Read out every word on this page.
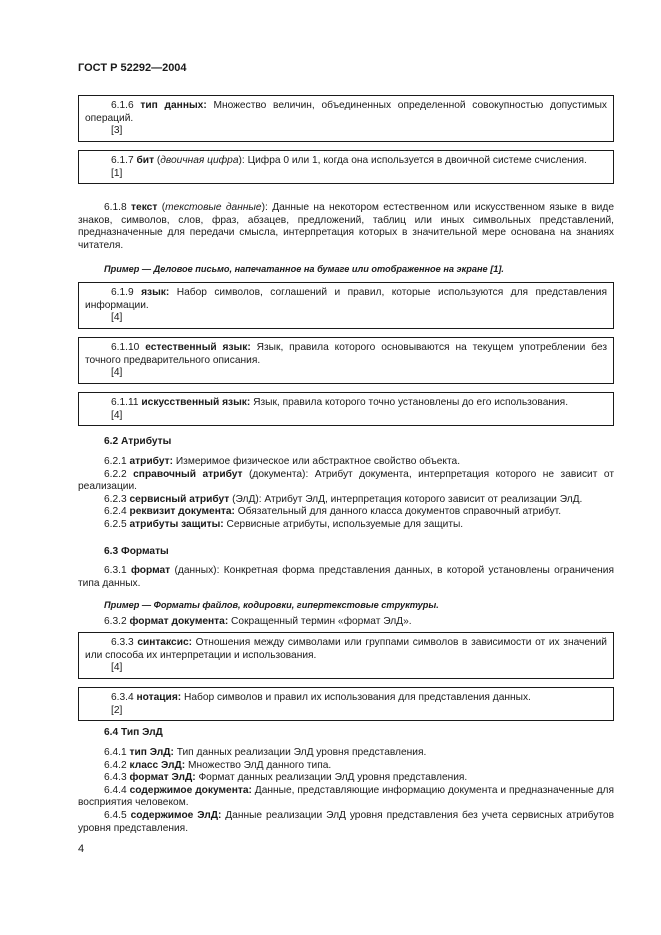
ГОСТ Р 52292—2004

6.1.6 тип данных: Множество величин, объединенных определенной совокупностью допустимых операций.

[3]

6.1.7 бит (двоичная цифра): Цифра 0 или 1, когда она используется в двоичной системе счисления.

[1]

6.1.8 текст (текстовые данные): Данные на некотором естественном или искусственном языке в виде знаков, символов, слов, фраз, абзацев, предложений, таблиц или иных символьных представлений, предназначенные для передачи смысла, интерпретация которых в значительной мере основана на знаниях читателя.

Пример — Деловое письмо, напечатанное на бумаге или отображенное на экране [1].

6.1.9 язык: Набор символов, соглашений и правил, которые используются для представления информации.

[4]

6.1.10 естественный язык: Язык, правила которого основываются на текущем употреблении без точного предварительного описания.

[4]

6.1.11 искусственный язык: Язык, правила которого точно установлены до его использования.

[4]

6.2 Атрибуты

6.2.1 атрибут: Измеримое физическое или абстрактное свойство объекта.

6.2.2 справочный атрибут (документа): Атрибут документа, интерпретация которого не зависит от реализации.

6.2.3 сервисный атрибут (ЭлД): Атрибут ЭлД, интерпретация которого зависит от реализации ЭлД.

6.2.4 реквизит документа: Обязательный для данного класса документов справочный атрибут.

6.2.5 атрибуты защиты: Сервисные атрибуты, используемые для защиты.

6.3 Форматы

6.3.1 формат (данных): Конкретная форма представления данных, в которой установлены ограничения типа данных.

Пример — Форматы файлов, кодировки, гипертекстовые структуры.

6.3.2 формат документа: Сокращенный термин «формат ЭлД».

6.3.3 синтаксис: Отношения между символами или группами символов в зависимости от их значений или способа их интерпретации и использования.

[4]

6.3.4 нотация: Набор символов и правил их использования для представления данных.

[2]

6.4 Тип ЭлД

6.4.1 тип ЭлД: Тип данных реализации ЭлД уровня представления.

6.4.2 класс ЭлД: Множество ЭлД данного типа.

6.4.3 формат ЭлД: Формат данных реализации ЭлД уровня представления.

6.4.4 содержимое документа: Данные, представляющие информацию документа и предназначенные для восприятия человеком.

6.4.5 содержимое ЭлД: Данные реализации ЭлД уровня представления без учета сервисных атрибутов уровня представления.

4
